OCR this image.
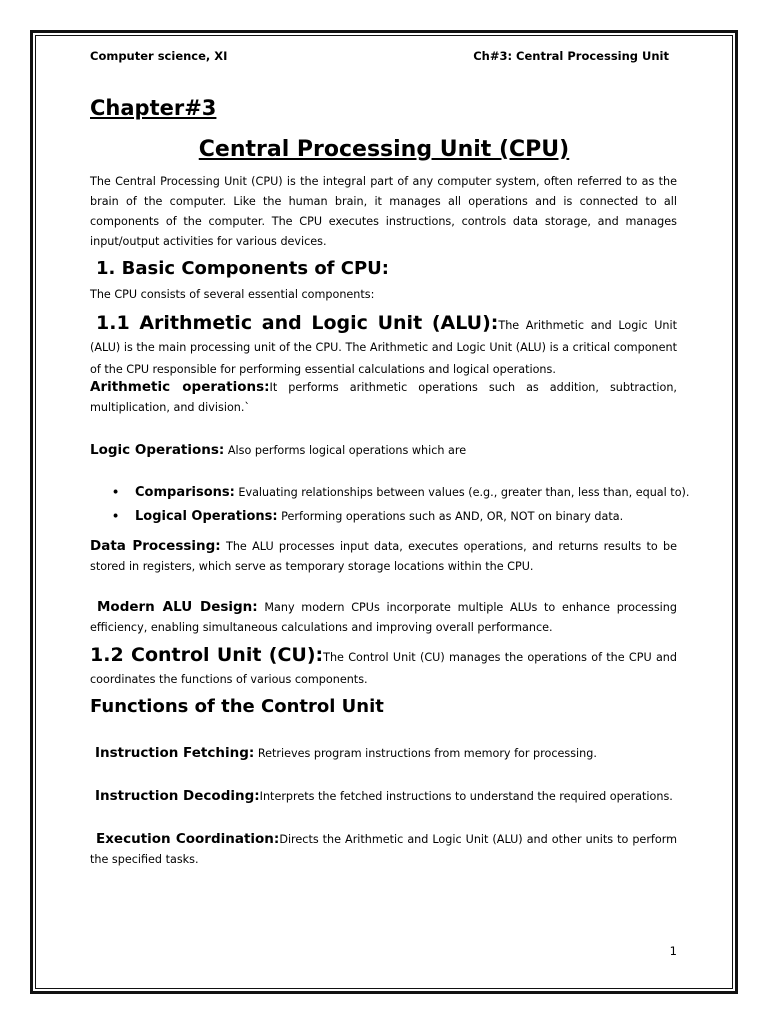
Computer science, XI	Ch#3: Central Processing Unit
Chapter#3
Central Processing Unit (CPU)
The Central Processing Unit (CPU) is the integral part of any computer system, often referred to as the brain of the computer. Like the human brain, it manages all operations and is connected to all components of the computer. The CPU executes instructions, controls data storage, and manages input/output activities for various devices.
1. Basic Components of CPU:
The CPU consists of several essential components:
1.1 Arithmetic and Logic Unit (ALU):The Arithmetic and Logic Unit (ALU) is the main processing unit of the CPU. The Arithmetic and Logic Unit (ALU) is a critical component of the CPU responsible for performing essential calculations and logical operations.
Arithmetic operations:It performs arithmetic operations such as addition, subtraction, multiplication, and division.`
Logic Operations: Also performs logical operations which are
• Comparisons: Evaluating relationships between values (e.g., greater than, less than, equal to).
• Logical Operations: Performing operations such as AND, OR, NOT on binary data.
Data Processing: The ALU processes input data, executes operations, and returns results to be stored in registers, which serve as temporary storage locations within the CPU.
Modern ALU Design: Many modern CPUs incorporate multiple ALUs to enhance processing efficiency, enabling simultaneous calculations and improving overall performance.
1.2 Control Unit (CU):The Control Unit (CU) manages the operations of the CPU and coordinates the functions of various components.
Functions of the Control Unit
Instruction Fetching: Retrieves program instructions from memory for processing.
Instruction Decoding:Interprets the fetched instructions to understand the required operations.
Execution Coordination:Directs the Arithmetic and Logic Unit (ALU) and other units to perform the specified tasks.
1
